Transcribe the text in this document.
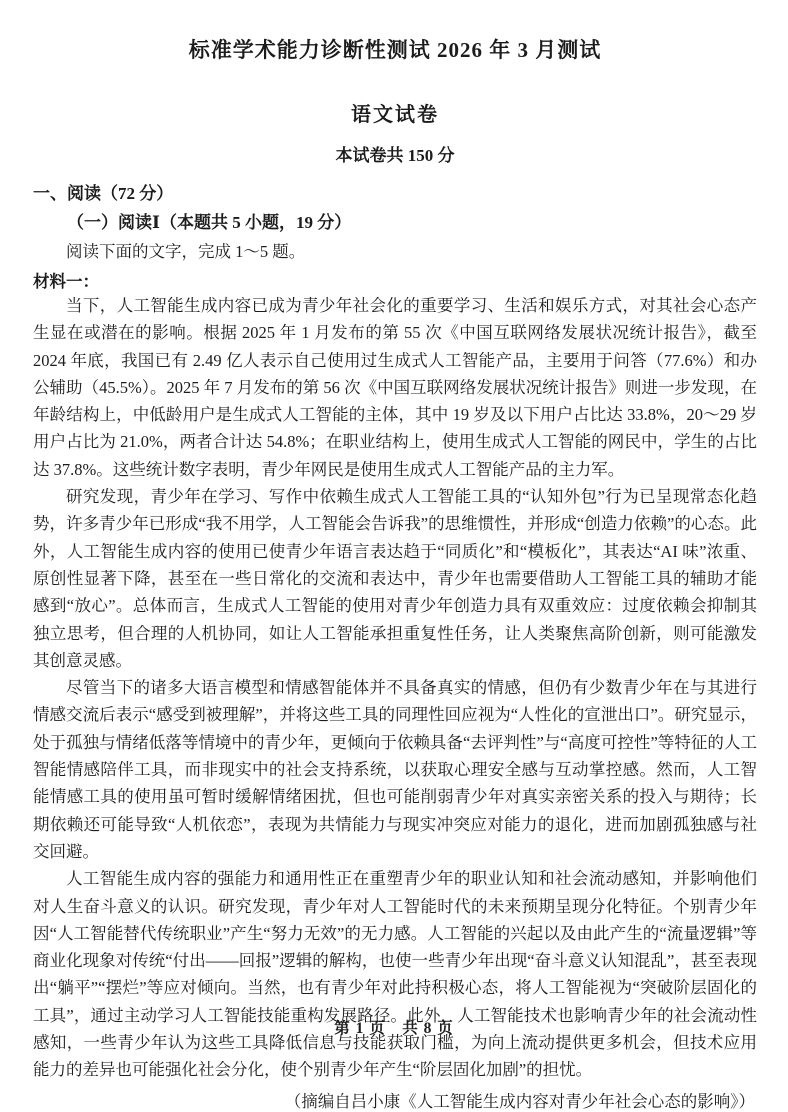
标准学术能力诊断性测试 2026 年 3 月测试
语文试卷
本试卷共 150 分
一、阅读（72 分）
（一）阅读Ⅰ（本题共 5 小题，19 分）
阅读下面的文字，完成 1～5 题。
材料一：

当下，人工智能生成内容已成为青少年社会化的重要学习、生活和娱乐方式，对其社会心态产生显在或潜在的影响。根据 2025 年 1 月发布的第 55 次《中国互联网络发展状况统计报告》，截至 2024 年底，我国已有 2.49 亿人表示自己使用过生成式人工智能产品，主要用于问答（77.6%）和办公辅助（45.5%）。2025 年 7 月发布的第 56 次《中国互联网络发展状况统计报告》则进一步发现，在年龄结构上，中低龄用户是生成式人工智能的主体，其中 19 岁及以下用户占比达 33.8%，20～29 岁用户占比为 21.0%，两者合计达 54.8%；在职业结构上，使用生成式人工智能的网民中，学生的占比达 37.8%。这些统计数字表明，青少年网民是使用生成式人工智能产品的主力军。

研究发现，青少年在学习、写作中依赖生成式人工智能工具的“认知外包”行为已呈现常态化趋势，许多青少年已形成“我不用学，人工智能会告诉我”的思维惯性，并形成“创造力依赖”的心态。此外，人工智能生成内容的使用已使青少年语言表达趋于“同质化”和“模板化”，其表达“AI 味”浓重、原创性显著下降，甚至在一些日常化的交流和表达中，青少年也需要借助人工智能工具的辅助才能感到“放心”。总体而言，生成式人工智能的使用对青少年创造力具有双重效应：过度依赖会抑制其独立思考，但合理的人机协同，如让人工智能承担重复性任务，让人类聚焦高阶创新，则可能激发其创意灵感。

尽管当下的诸多大语言模型和情感智能体并不具备真实的情感，但仍有少数青少年在与其进行情感交流后表示“感受到被理解”，并将这些工具的同理性回应视为“人性化的宣泄出口”。研究显示，处于孤独与情绪低落等情境中的青少年，更倾向于依赖具备“去评判性”与“高度可控性”等特征的人工智能情感陪伴工具，而非现实中的社会支持系统，以获取心理安全感与互动掌控感。然而，人工智能情感工具的使用虽可暂时缓解情绪困扰，但也可能削弱青少年对真实亲密关系的投入与期待；长期依赖还可能导致“人机依恋”，表现为共情能力与现实冲突应对能力的退化，进而加剧孤独感与社交回避。

人工智能生成内容的强能力和通用性正在重塑青少年的职业认知和社会流动感知，并影响他们对人生奋斗意义的认识。研究发现，青少年对人工智能时代的未来预期呈现分化特征。个别青少年因“人工智能替代传统职业”产生“努力无效”的无力感。人工智能的兴起以及由此产生的“流量逻辑”等商业化现象对传统“付出——回报”逻辑的解构，也使一些青少年出现“奋斗意义认知混乱”，甚至表现出“躺平”“摆烂”等应对倾向。当然，也有青少年对此持积极心态，将人工智能视为“突破阶层固化的工具”，通过主动学习人工智能技能重构发展路径。此外，人工智能技术也影响青少年的社会流动性感知，一些青少年认为这些工具降低信息与技能获取门槛，为向上流动提供更多机会，但技术应用能力的差异也可能强化社会分化，使个别青少年产生“阶层固化加剧”的担忧。

（摘编自吕小康《人工智能生成内容对青少年社会心态的影响》）
第 1 页　共 8 页
